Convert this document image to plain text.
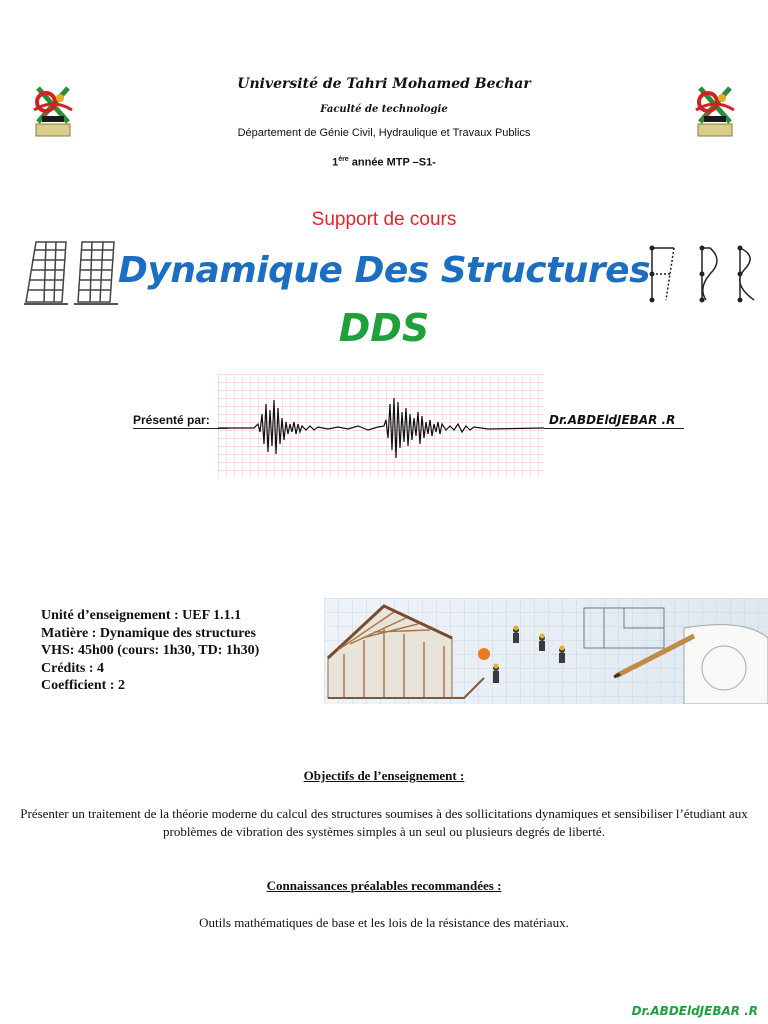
Université de Tahri Mohamed Bechar
Faculté de technologie
Département de Génie Civil, Hydraulique et Travaux Publics
$1^{ére}$ année MTP –S1-
Support de cours
Dynamique Des Structures
DDS
Présenté par:	Dr.ABDEldJEBAR .R
Unité d’enseignement : UEF 1.1.1
Matière : Dynamique des structures
VHS: 45h00 (cours: 1h30, TD: 1h30)
Crédits : 4
Coefficient : 2
Objectifs de l’enseignement :
Présenter un traitement de la théorie moderne du calcul des structures soumises à des sollicitations dynamiques et sensibiliser l’étudiant aux problèmes de vibration des systèmes simples à un seul ou plusieurs degrés de liberté.
Connaissances préalables recommandées :
Outils mathématiques de base et les lois de la résistance des matériaux.
Dr.ABDEldJEBAR .R
